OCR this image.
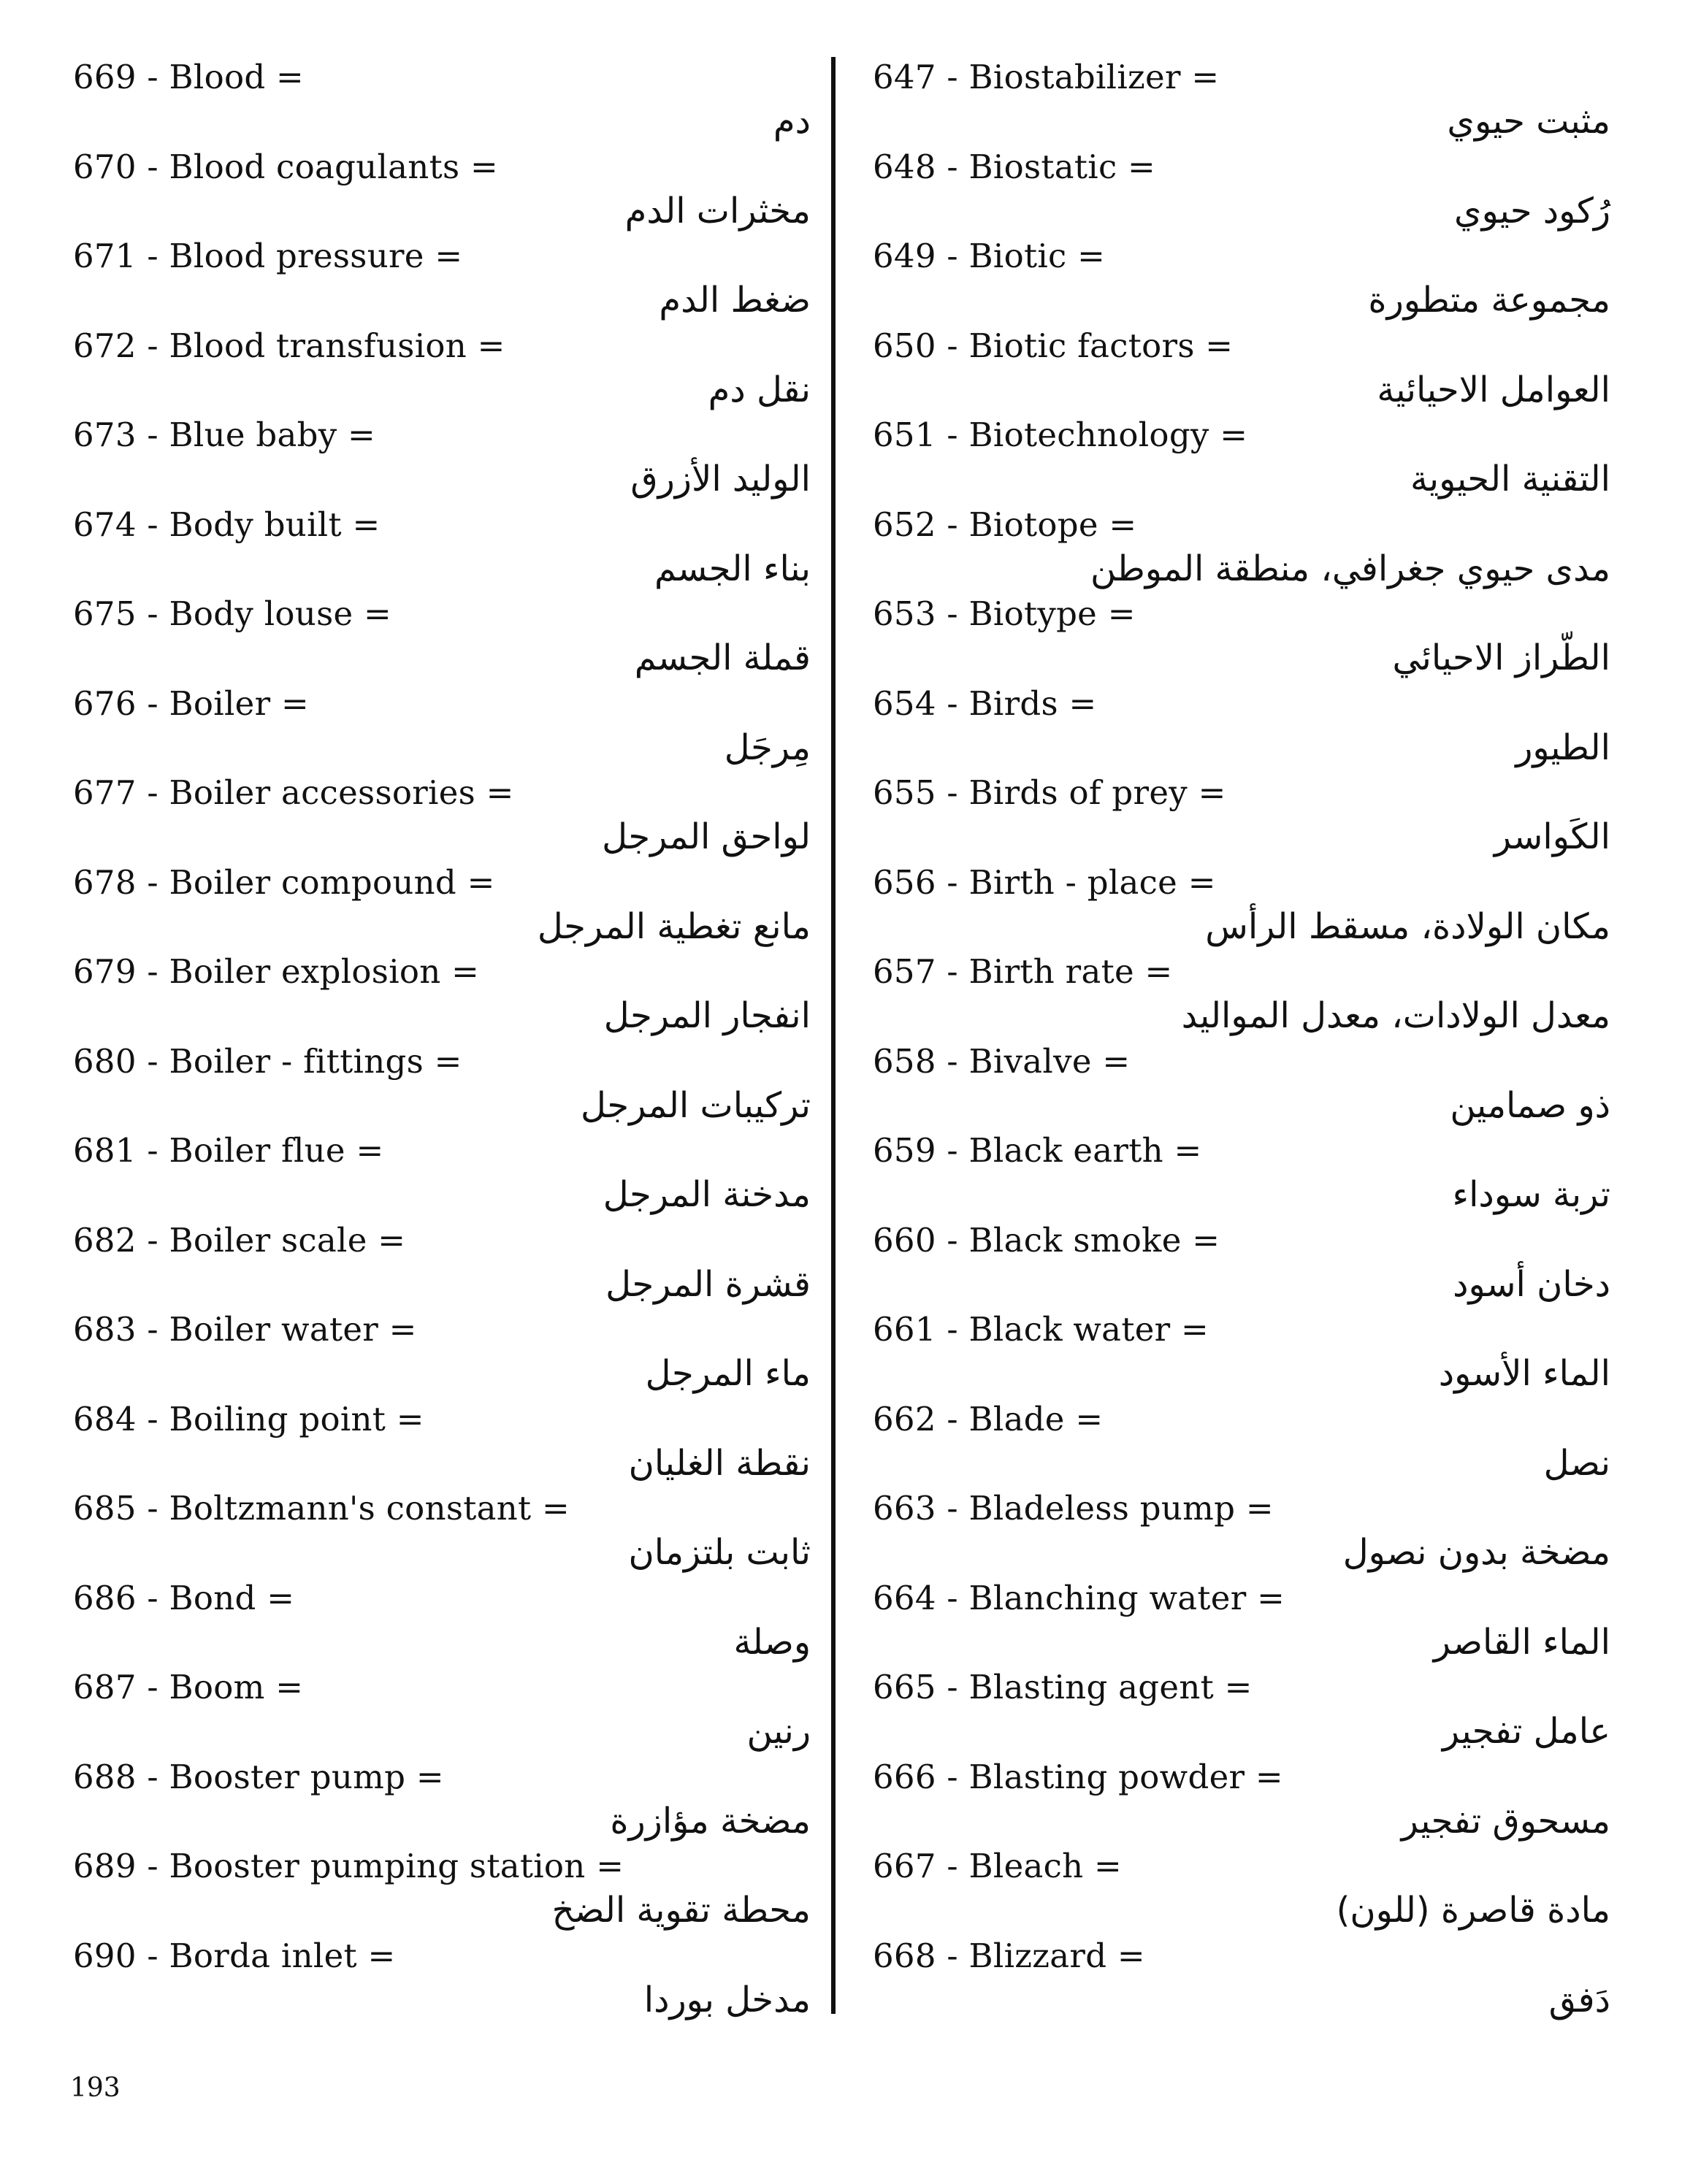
669 - Blood =
دم
670 - Blood coagulants =
مخثرات الدم
671 - Blood pressure =
ضغط الدم
672 - Blood transfusion =
نقل دم
673 - Blue baby =
الوليد الأزرق
674 - Body built =
بناء الجسم
675 - Body louse =
قملة الجسم
676 - Boiler =
مِرجَل
677 - Boiler accessories =
لواحق المرجل
678 - Boiler compound =
مانع تغطية المرجل
679 - Boiler explosion =
انفجار المرجل
680 - Boiler - fittings =
تركيبات المرجل
681 - Boiler flue =
مدخنة المرجل
682 - Boiler scale =
قشرة المرجل
683 - Boiler water =
ماء المرجل
684 - Boiling point =
نقطة الغليان
685 - Boltzmann's constant =
ثابت بلتزمان
686 - Bond =
وصلة
687 - Boom =
رنين
688 - Booster pump =
مضخة مؤازرة
689 - Booster pumping station =
محطة تقوية الضخ
690 - Borda inlet =
مدخل بوردا
647 - Biostabilizer =
مثبت حيوي
648 - Biostatic =
رُكود حيوي
649 - Biotic =
مجموعة متطورة
650 - Biotic factors =
العوامل الاحيائية
651 - Biotechnology =
التقنية الحيوية
652 - Biotope =
مدى حيوي جغرافي، منطقة الموطن
653 - Biotype =
الطّراز الاحيائي
654 - Birds =
الطيور
655 - Birds of prey =
الكَواسر
656 - Birth - place =
مكان الولادة، مسقط الرأس
657 - Birth rate =
معدل الولادات، معدل المواليد
658 - Bivalve =
ذو صمامين
659 - Black earth =
تربة سوداء
660 - Black smoke =
دخان أسود
661 - Black water =
الماء الأسود
662 - Blade =
نصل
663 - Bladeless pump =
مضخة بدون نصول
664 - Blanching water =
الماء القاصر
665 - Blasting agent =
عامل تفجير
666 - Blasting powder =
مسحوق تفجير
667 - Bleach =
مادة قاصرة (للون)
668 - Blizzard =
دَفق
193
